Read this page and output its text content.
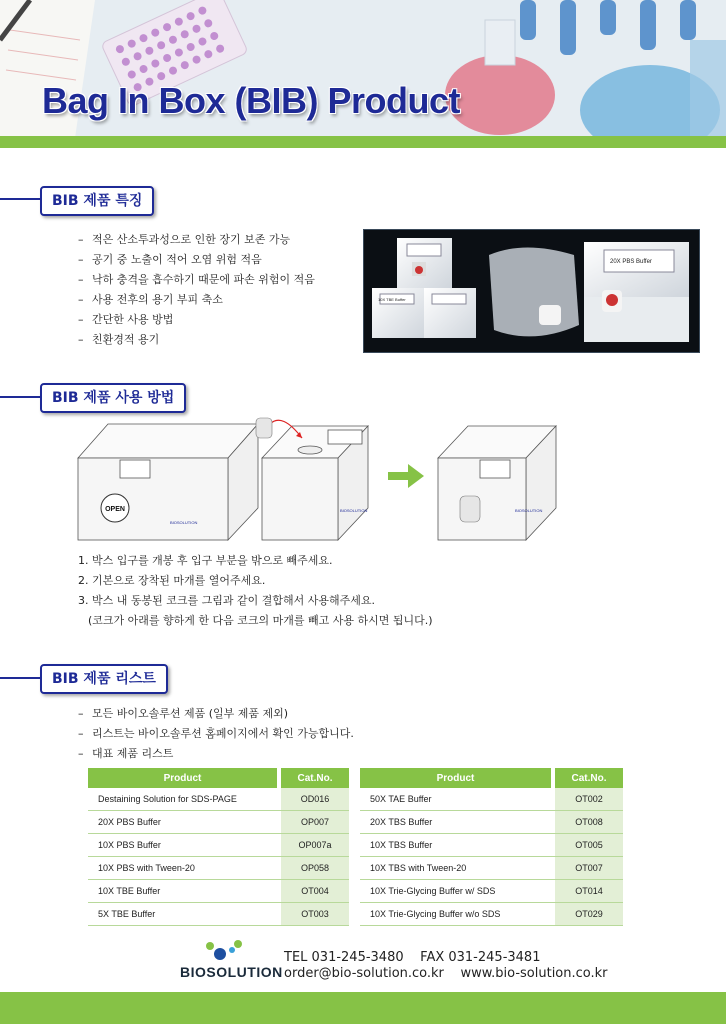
Bag In Box (BIB) Product
BIB 제품 특징
– 적은 산소투과성으로 인한 장기 보존 가능
– 공기 중 노출이 적어 오염 위험 적음
– 낙하 충격을 흡수하기 때문에 파손 위험이 적음
– 사용 전후의 용기 부피 축소
– 간단한 사용 방법
– 친환경적 용기
20X PBS Buffer
10X TBE Buffer
BIB 제품 사용 방법
OPEN
BIOSOLUTION
BIOSOLUTION	BIOSOLUTION
1. 박스 입구를 개봉 후 입구 부분을 밖으로 빼주세요.
2. 기본으로 장착된 마개를 열어주세요.
3. 박스 내 동봉된 코크를 그림과 같이 결합해서 사용해주세요.
(코크가 아래를 향하게 한 다음 코크의 마개를 빼고 사용 하시면 됩니다.)
BIB 제품 리스트
– 모든 바이오솔루션 제품 (일부 제품 제외)
– 리스트는 바이오솔루션 홈페이지에서 확인 가능합니다.
– 대표 제품 리스트
Product		Cat.No.
Destaining Solution for SDS-PAGE		OD016
20X PBS Buffer		OP007
10X PBS Buffer		OP007a
10X PBS with Tween-20		OP058
10X TBE Buffer		OT004
5X TBE Buffer		OT003
Product		Cat.No.
50X TAE Buffer		OT002
20X TBS Buffer		OT008
10X TBS Buffer		OT005
10X TBS with Tween-20		OT007
10X Trie-Glycing Buffer w/ SDS		OT014
10X Trie-Glycing Buffer w/o SDS		OT029
BIOSOLUTION
TEL 031-245-3480 FAX 031-245-3481
order@bio-solution.co.kr www.bio-solution.co.kr
